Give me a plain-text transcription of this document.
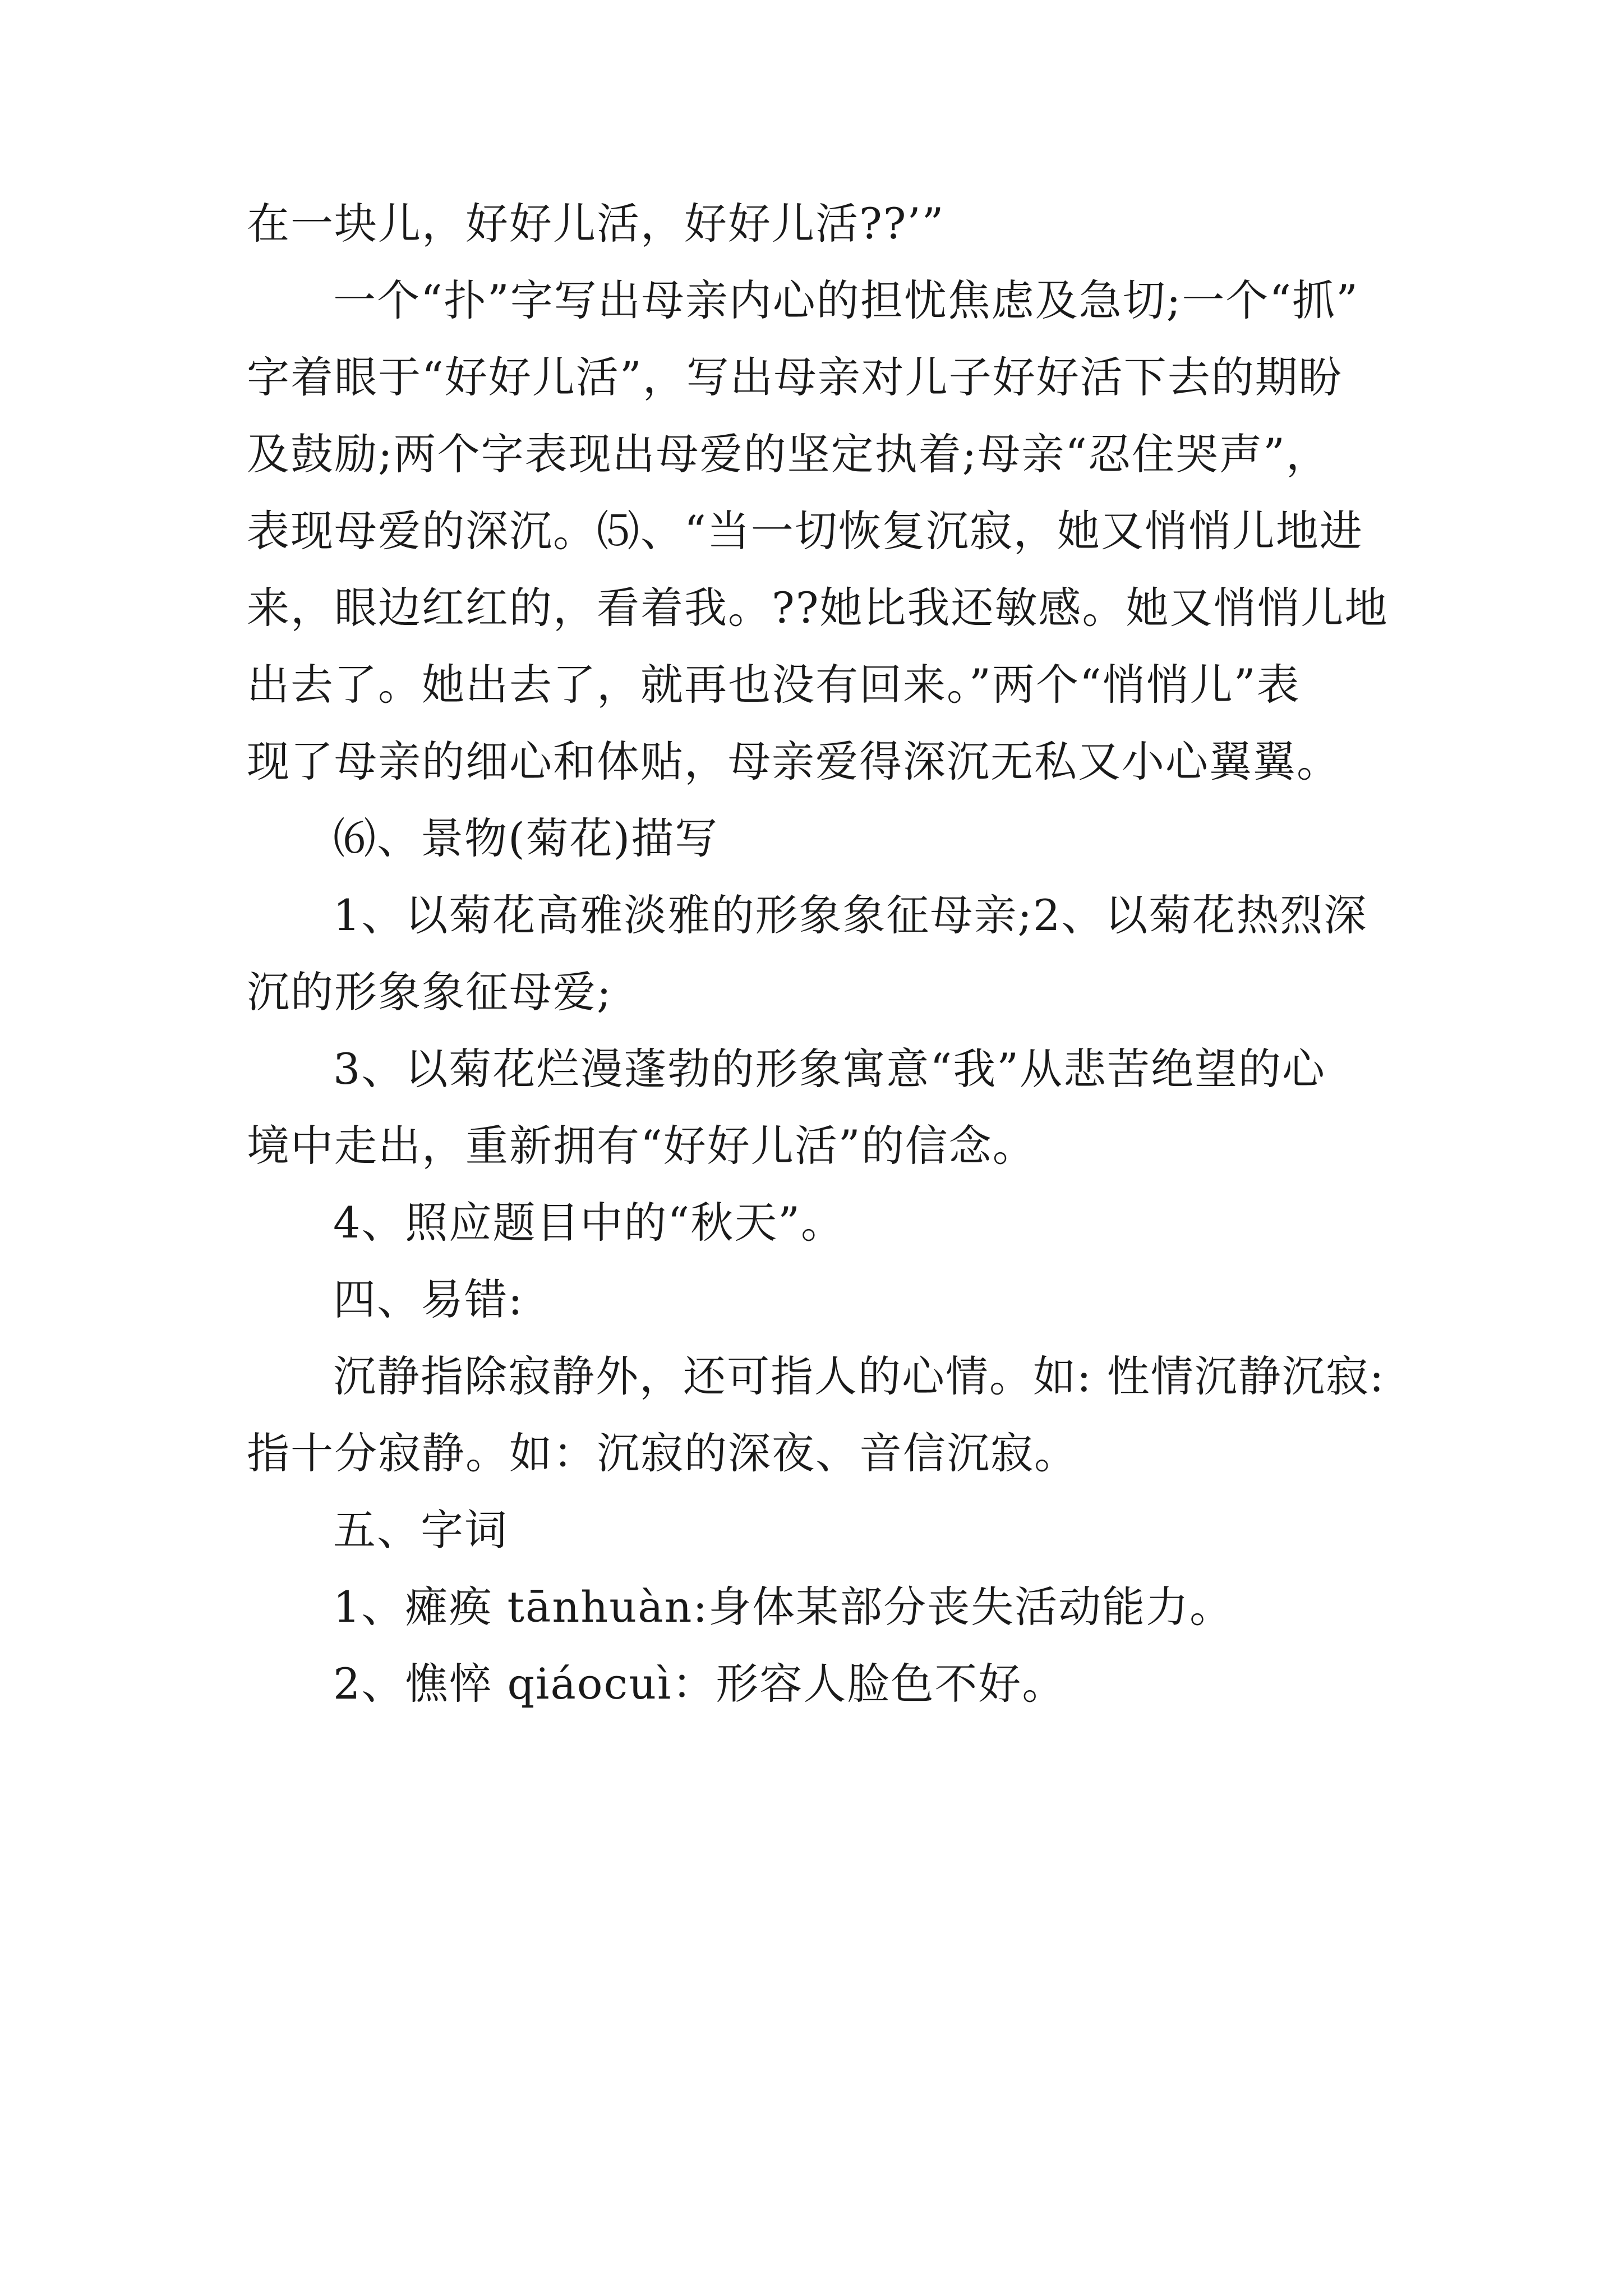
在一块儿，好好儿活，好好儿活??’”
一个“扑”字写出母亲内心的担忧焦虑及急切;一个“抓”
字着眼于“好好儿活”，写出母亲对儿子好好活下去的期盼
及鼓励;两个字表现出母爱的坚定执着;母亲“忍住哭声”，
表现母爱的深沉。⑸、“当一切恢复沉寂，她又悄悄儿地进
来，眼边红红的，看着我。??她比我还敏感。她又悄悄儿地
出去了。她出去了，就再也没有回来。”两个“悄悄儿”表
现了母亲的细心和体贴，母亲爱得深沉无私又小心翼翼。
⑹、景物(菊花)描写
1、以菊花高雅淡雅的形象象征母亲;2、以菊花热烈深
沉的形象象征母爱;
3、以菊花烂漫蓬勃的形象寓意“我”从悲苦绝望的心
境中走出，重新拥有“好好儿活”的信念。
4、照应题目中的“秋天”。
四、易错:
沉静指除寂静外，还可指人的心情。如: 性情沉静沉寂:
指十分寂静。如：沉寂的深夜、音信沉寂。
五、字词
1、瘫痪 tānhuàn:身体某部分丧失活动能力。
2、憔悴 qiáocuì：形容人脸色不好。
